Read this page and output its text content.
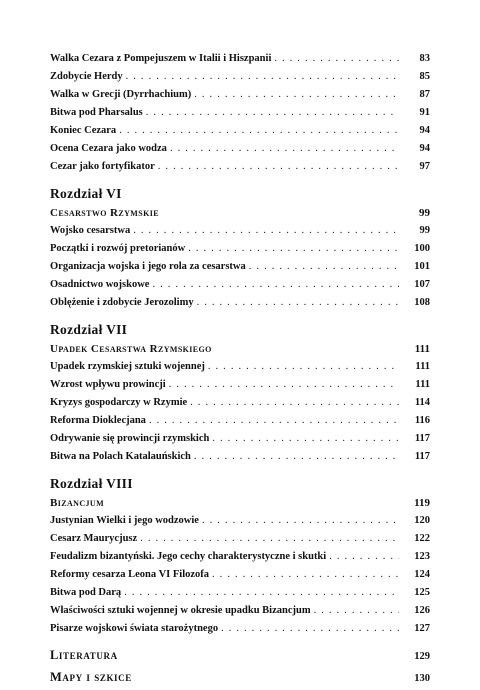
Walka Cezara z Pompejuszem w Italii i Hiszpanii . . .	83
Zdobycie Herdy . . .	85
Walka w Grecji (Dyrrhachium) . . .	87
Bitwa pod Pharsalus . . .	91
Koniec Cezara . . .	94
Ocena Cezara jako wodza . . .	94
Cezar jako fortyfikator . . .	97
Rozdział VI
Cesarstwo Rzymskie	99
Wojsko cesarstwa . . .	99
Początki i rozwój pretorianów . . .	100
Organizacja wojska i jego rola za cesarstwa . . .	101
Osadnictwo wojskowe . . .	107
Oblężenie i zdobycie Jerozolimy . . .	108
Rozdział VII
Upadek Cesarstwa Rzymskiego	111
Upadek rzymskiej sztuki wojennej . . .	111
Wzrost wpływu prowincji . . .	111
Kryzys gospodarczy w Rzymie . . .	114
Reforma Dioklecjana . . .	116
Odrywanie się prowincji rzymskich . . .	117
Bitwa na Polach Katalauńskich . . .	117
Rozdział VIII
Bizancjum	119
Justynian Wielki i jego wodzowie . . .	120
Cesarz Maurycjusz . . .	122
Feudalizm bizantyński. Jego cechy charakterystyczne i skutki . . .	123
Reformy cesarza Leona VI Filozofa . . .	124
Bitwa pod Darą . . .	125
Właściwości sztuki wojennej w okresie upadku Bizancjum . . .	126
Pisarze wojskowi świata starożytnego . . .	127
Literatura	129
Mapy i szkice	130
